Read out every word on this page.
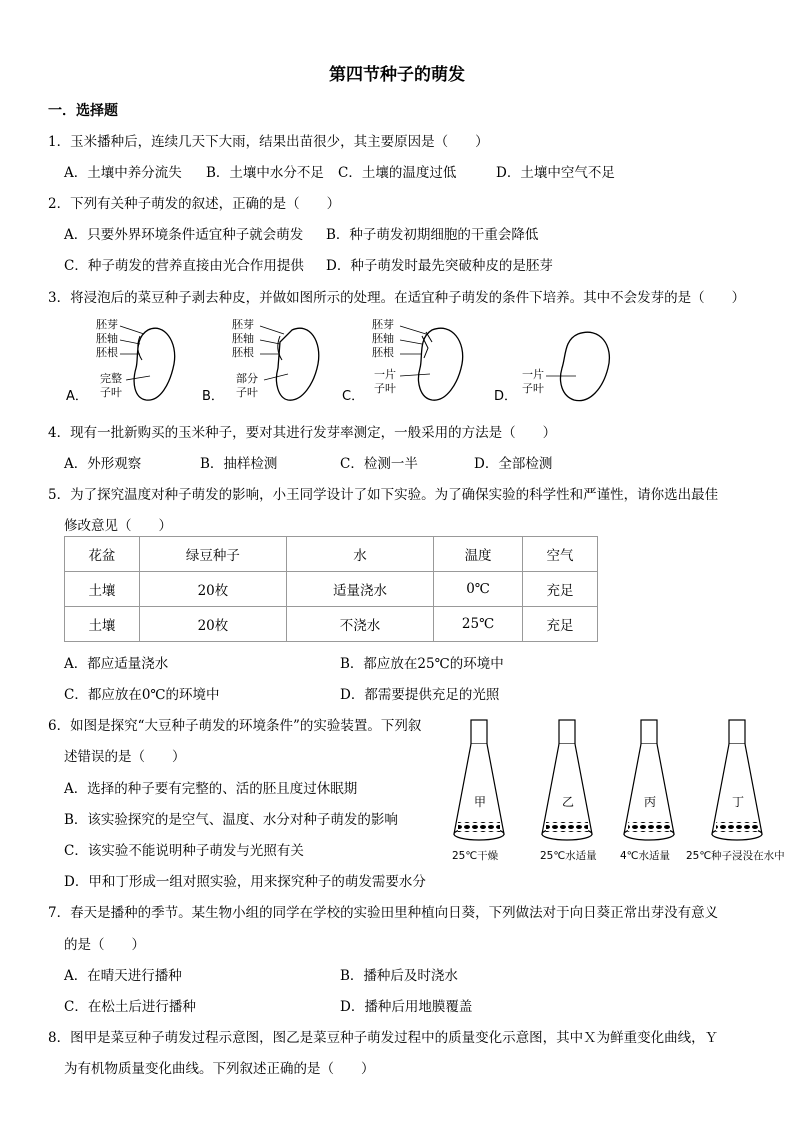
第四节种子的萌发
一．选择题
1．玉米播种后，连续几天下大雨，结果出苗很少，其主要原因是（　　）
A．土壤中养分流失 B．土壤中水分不足 C．土壤的温度过低	D．土壤中空气不足
2．下列有关种子萌发的叙述，正确的是（　　）
A．只要外界环境条件适宜种子就会萌发 B．种子萌发初期细胞的干重会降低
C．种子萌发的营养直接由光合作用提供 D．种子萌发时最先突破种皮的是胚芽
3．将浸泡后的菜豆种子剥去种皮，并做如图所示的处理。在适宜种子萌发的条件下培养。其中不会发芽的是（　　）
胚芽
胚轴
胚根
完整
子叶
A．
胚芽
胚轴
胚根
部分
子叶
B．
胚芽
胚轴
胚根
一片
子叶
C．
一片
子叶
D．
4．现有一批新购买的玉米种子，要对其进行发芽率测定，一般采用的方法是（　　）
A．外形观察	B．抽样检测	C．检测一半	D．全部检测
5．为了探究温度对种子萌发的影响，小王同学设计了如下实验。为了确保实验的科学性和严谨性，请你选出最佳
修改意见（　　）
花盆	绿豆种子	水	温度	空气
土壤	20枚	适量浇水	0℃	充足
土壤	20枚	不浇水	25℃	充足
A．都应适量浇水	B．都应放在25℃的环境中
C．都应放在0℃的环境中	D．都需要提供充足的光照
6．如图是探究“大豆种子萌发的环境条件”的实验装置。下列叙
述错误的是（　　）
A．选择的种子要有完整的、活的胚且度过休眠期
B．该实验探究的是空气、温度、水分对种子萌发的影响
C．该实验不能说明种子萌发与光照有关
D．甲和丁形成一组对照实验，用来探究种子的萌发需要水分
甲
25℃干燥
乙
25℃水适量
丙
4℃水适量
丁
25℃种子浸没在水中
7．春天是播种的季节。某生物小组的同学在学校的实验田里种植向日葵，下列做法对于向日葵正常出芽没有意义
的是（　　）
A．在晴天进行播种	B．播种后及时浇水
C．在松土后进行播种	D．播种后用地膜覆盖
8．图甲是菜豆种子萌发过程示意图，图乙是菜豆种子萌发过程中的质量变化示意图，其中Ｘ为鲜重变化曲线，Ｙ
为有机物质量变化曲线。下列叙述正确的是（　　）
